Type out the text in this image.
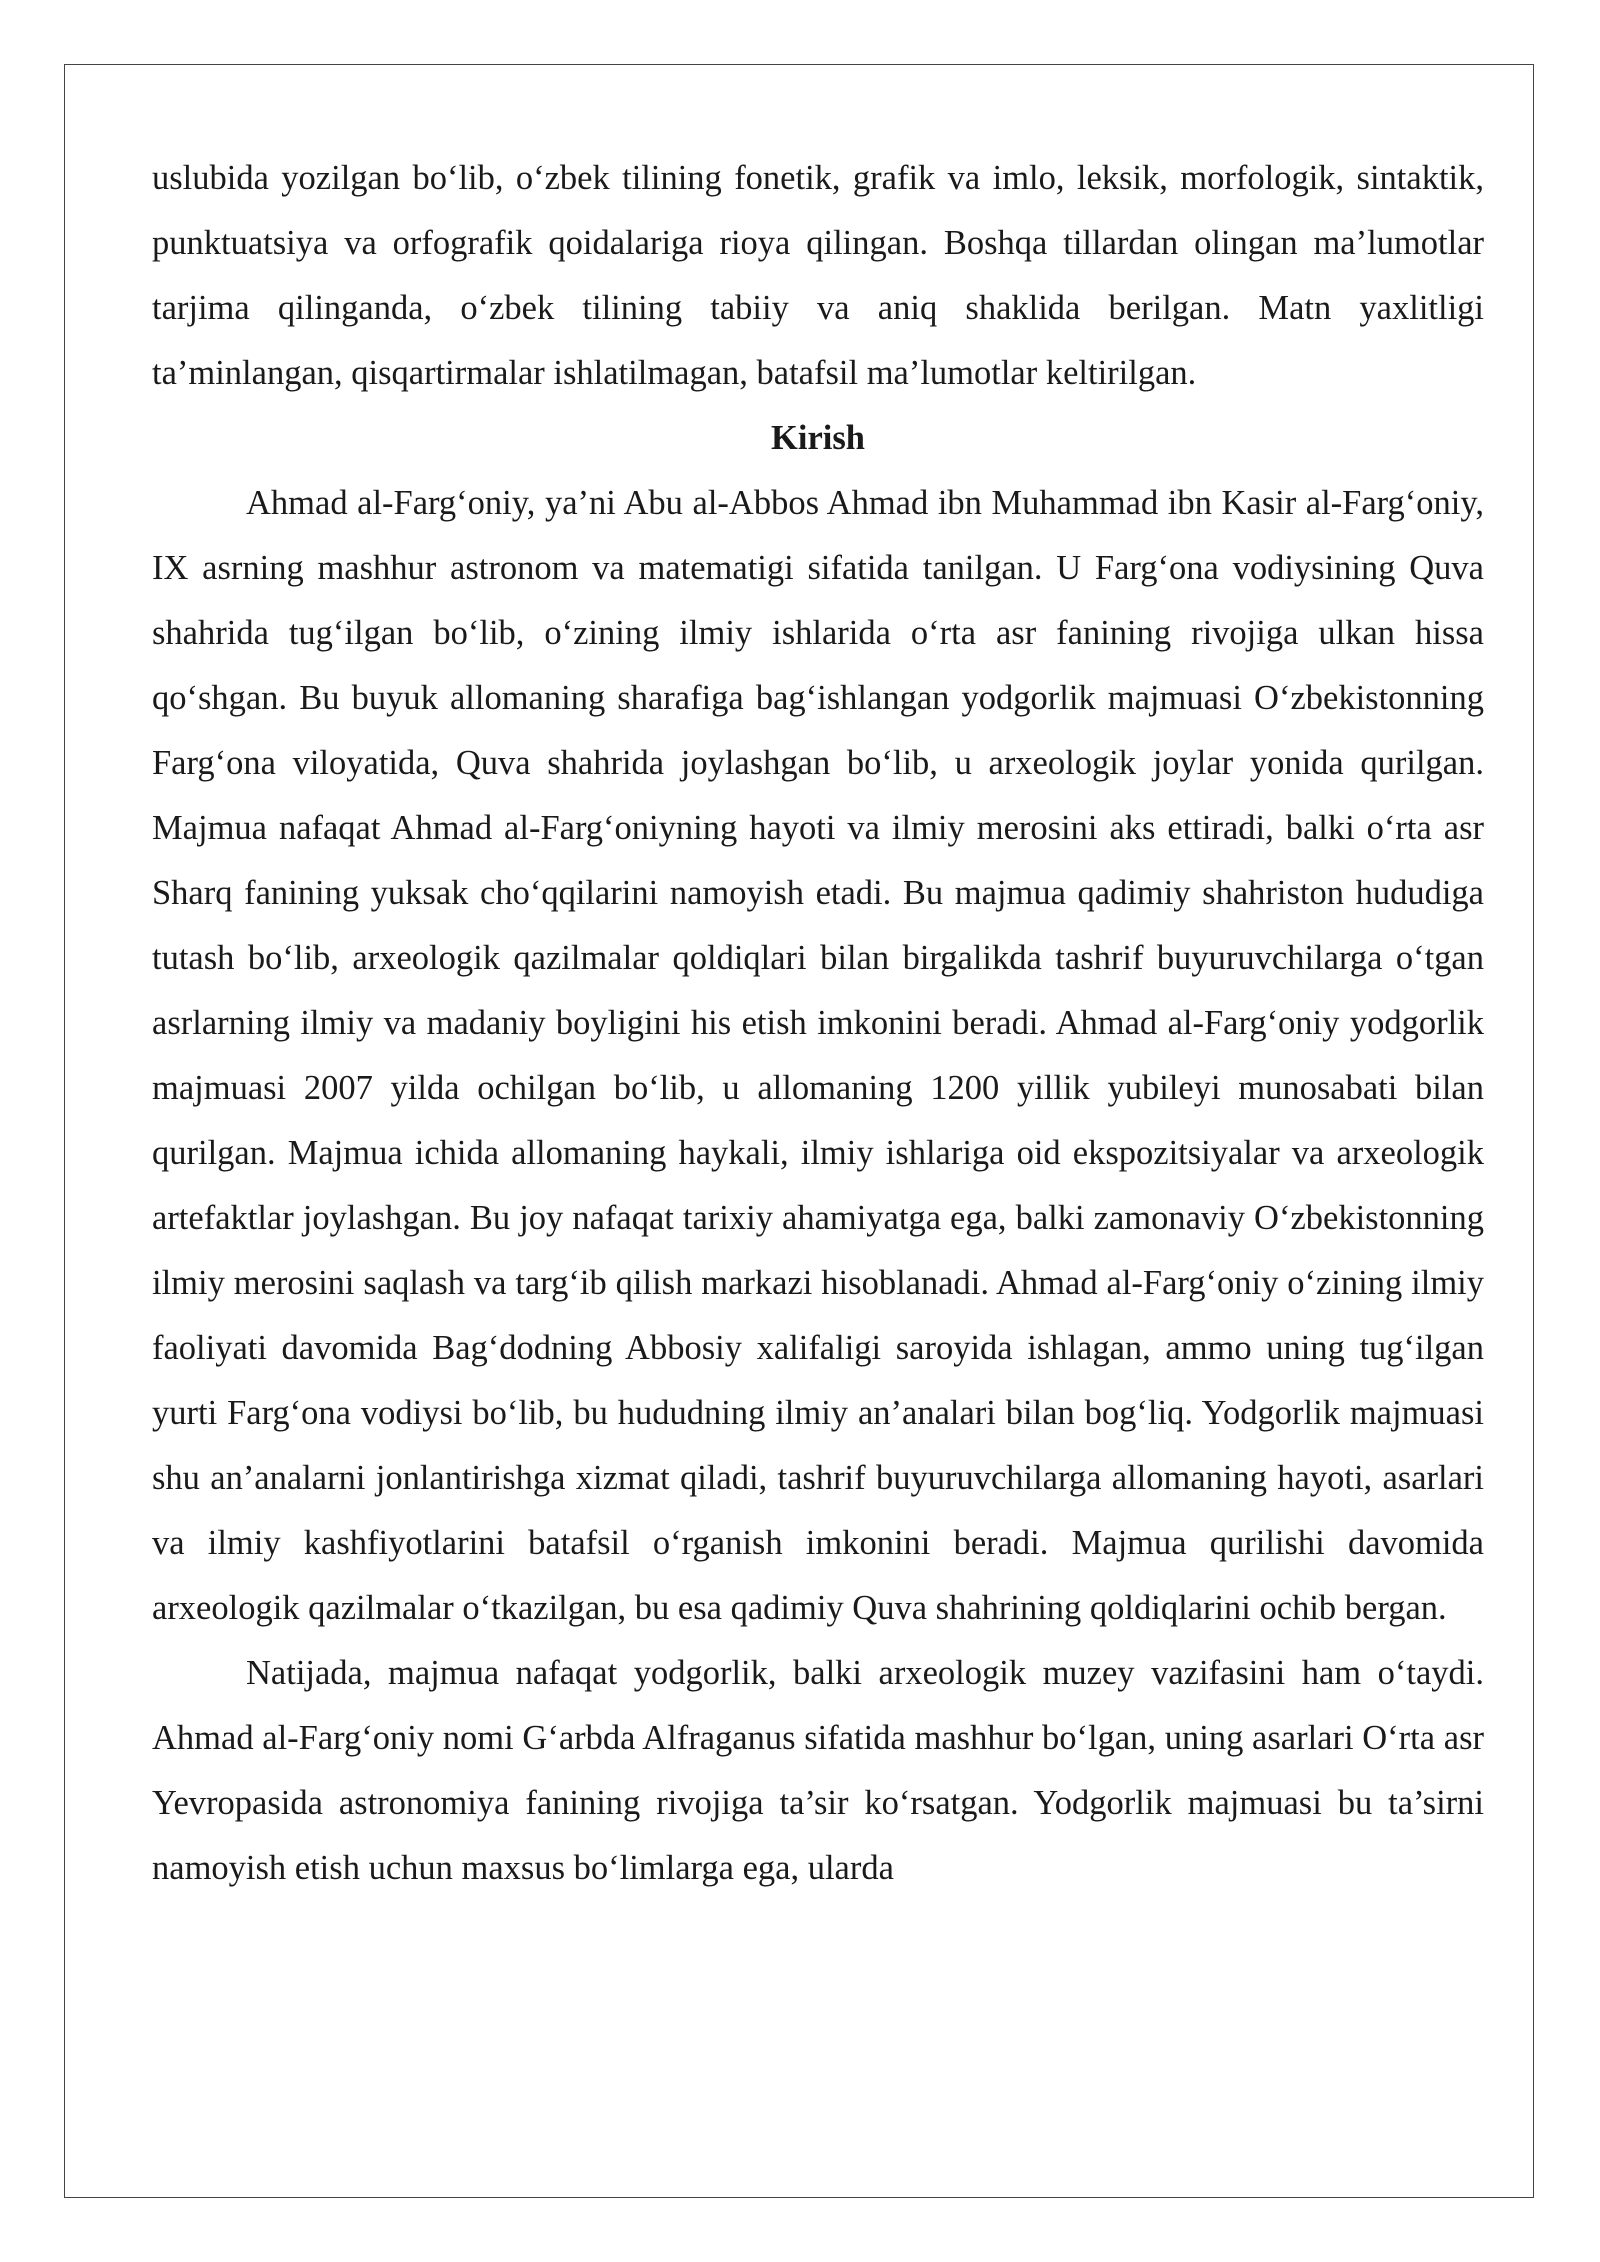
uslubida yozilgan bo‘lib, o‘zbek tilining fonetik, grafik va imlo, leksik, morfologik, sintaktik, punktuatsiya va orfografik qoidalariga rioya qilingan. Boshqa tillardan olingan ma’lumotlar tarjima qilinganda, o‘zbek tilining tabiiy va aniq shaklida berilgan. Matn yaxlitligi ta’minlangan, qisqartirmalar ishlatilmagan, batafsil ma’lumotlar keltirilgan.

Kirish

Ahmad al-Farg‘oniy, ya’ni Abu al-Abbos Ahmad ibn Muhammad ibn Kasir al-Farg‘oniy, IX asrning mashhur astronom va matematigi sifatida tanilgan. U Farg‘ona vodiysining Quva shahrida tug‘ilgan bo‘lib, o‘zining ilmiy ishlarida o‘rta asr fanining rivojiga ulkan hissa qo‘shgan. Bu buyuk allomaning sharafiga bag‘ishlangan yodgorlik majmuasi O‘zbekistonning Farg‘ona viloyatida, Quva shahrida joylashgan bo‘lib, u arxeologik joylar yonida qurilgan. Majmua nafaqat Ahmad al-Farg‘oniyning hayoti va ilmiy merosini aks ettiradi, balki o‘rta asr Sharq fanining yuksak cho‘qqilarini namoyish etadi. Bu majmua qadimiy shahriston hududiga tutash bo‘lib, arxeologik qazilmalar qoldiqlari bilan birgalikda tashrif buyuruvchilarga o‘tgan asrlarning ilmiy va madaniy boyligini his etish imkonini beradi. Ahmad al-Farg‘oniy yodgorlik majmuasi 2007 yilda ochilgan bo‘lib, u allomaning 1200 yillik yubileyi munosabati bilan qurilgan. Majmua ichida allomaning haykali, ilmiy ishlariga oid ekspozitsiyalar va arxeologik artefaktlar joylashgan. Bu joy nafaqat tarixiy ahamiyatga ega, balki zamonaviy O‘zbekistonning ilmiy merosini saqlash va targ‘ib qilish markazi hisoblanadi. Ahmad al-Farg‘oniy o‘zining ilmiy faoliyati davomida Bag‘dodning Abbosiy xalifaligi saroyida ishlagan, ammo uning tug‘ilgan yurti Farg‘ona vodiysi bo‘lib, bu hududning ilmiy an’analari bilan bog‘liq. Yodgorlik majmuasi shu an’analarni jonlantirishga xizmat qiladi, tashrif buyuruvchilarga allomaning hayoti, asarlari va ilmiy kashfiyotlarini batafsil o‘rganish imkonini beradi. Majmua qurilishi davomida arxeologik qazilmalar o‘tkazilgan, bu esa qadimiy Quva shahrining qoldiqlarini ochib bergan.

Natijada, majmua nafaqat yodgorlik, balki arxeologik muzey vazifasini ham o‘taydi. Ahmad al-Farg‘oniy nomi G‘arbda Alfraganus sifatida mashhur bo‘lgan, uning asarlari O‘rta asr Yevropasida astronomiya fanining rivojiga ta’sir ko‘rsatgan. Yodgorlik majmuasi bu ta’sirni namoyish etish uchun maxsus bo‘limlarga ega, ularda
